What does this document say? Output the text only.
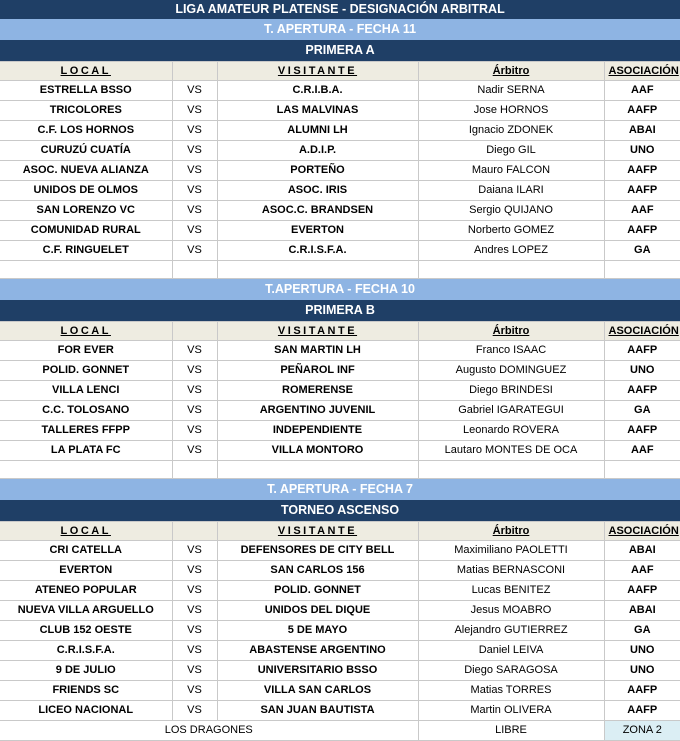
LIGA AMATEUR PLATENSE - DESIGNACIÓN ARBITRAL				
T. APERTURA - FECHA 11				
PRIMERA A				
LOCAL		VISITANTE	Árbitro	ASOCIACIÓN
ESTRELLA BSSO	VS	C.R.I.B.A.	Nadir SERNA	AAF
TRICOLORES	VS	LAS MALVINAS	Jose HORNOS	AAFP
C.F. LOS HORNOS	VS	ALUMNI LH	Ignacio ZDONEK	ABAI
CURUZÚ CUATÍA	VS	A.D.I.P.	Diego GIL	UNO
ASOC. NUEVA ALIANZA	VS	PORTEÑO	Mauro FALCON	AAFP
UNIDOS DE OLMOS	VS	ASOC. IRIS	Daiana ILARI	AAFP
SAN LORENZO VC	VS	ASOC.C. BRANDSEN	Sergio QUIJANO	AAF
COMUNIDAD RURAL	VS	EVERTON	Norberto GOMEZ	AAFP
C.F. RINGUELET	VS	C.R.I.S.F.A.	Andres LOPEZ	GA

T.APERTURA - FECHA 10				
PRIMERA B				
LOCAL		VISITANTE	Árbitro	ASOCIACIÓN
FOR EVER	VS	SAN MARTIN LH	Franco ISAAC	AAFP
POLID. GONNET	VS	PEÑAROL INF	Augusto DOMINGUEZ	UNO
VILLA LENCI	VS	ROMERENSE	Diego BRINDESI	AAFP
C.C. TOLOSANO	VS	ARGENTINO JUVENIL	Gabriel IGARATEGUI	GA
TALLERES FFPP	VS	INDEPENDIENTE	Leonardo ROVERA	AAFP
LA PLATA FC	VS	VILLA MONTORO	Lautaro MONTES DE OCA	AAF

T. APERTURA - FECHA 7				
TORNEO ASCENSO				
LOCAL		VISITANTE	Árbitro	ASOCIACIÓN
CRI CATELLA	VS	DEFENSORES DE CITY BELL	Maximiliano PAOLETTI	ABAI
EVERTON	VS	SAN CARLOS 156	Matias BERNASCONI	AAF
ATENEO POPULAR	VS	POLID. GONNET	Lucas BENITEZ	AAFP
NUEVA VILLA ARGUELLO	VS	UNIDOS DEL DIQUE	Jesus MOABRO	ABAI
CLUB 152 OESTE	VS	5 DE MAYO	Alejandro GUTIERREZ	GA
C.R.I.S.F.A.	VS	ABASTENSE ARGENTINO	Daniel LEIVA	UNO
9 DE JULIO	VS	UNIVERSITARIO BSSO	Diego SARAGOSA	UNO
FRIENDS SC	VS	VILLA SAN CARLOS	Matias TORRES	AAFP
LICEO NACIONAL	VS	SAN JUAN BAUTISTA	Martin OLIVERA	AAFP
LOS DRAGONES			LIBRE	ZONA 2
